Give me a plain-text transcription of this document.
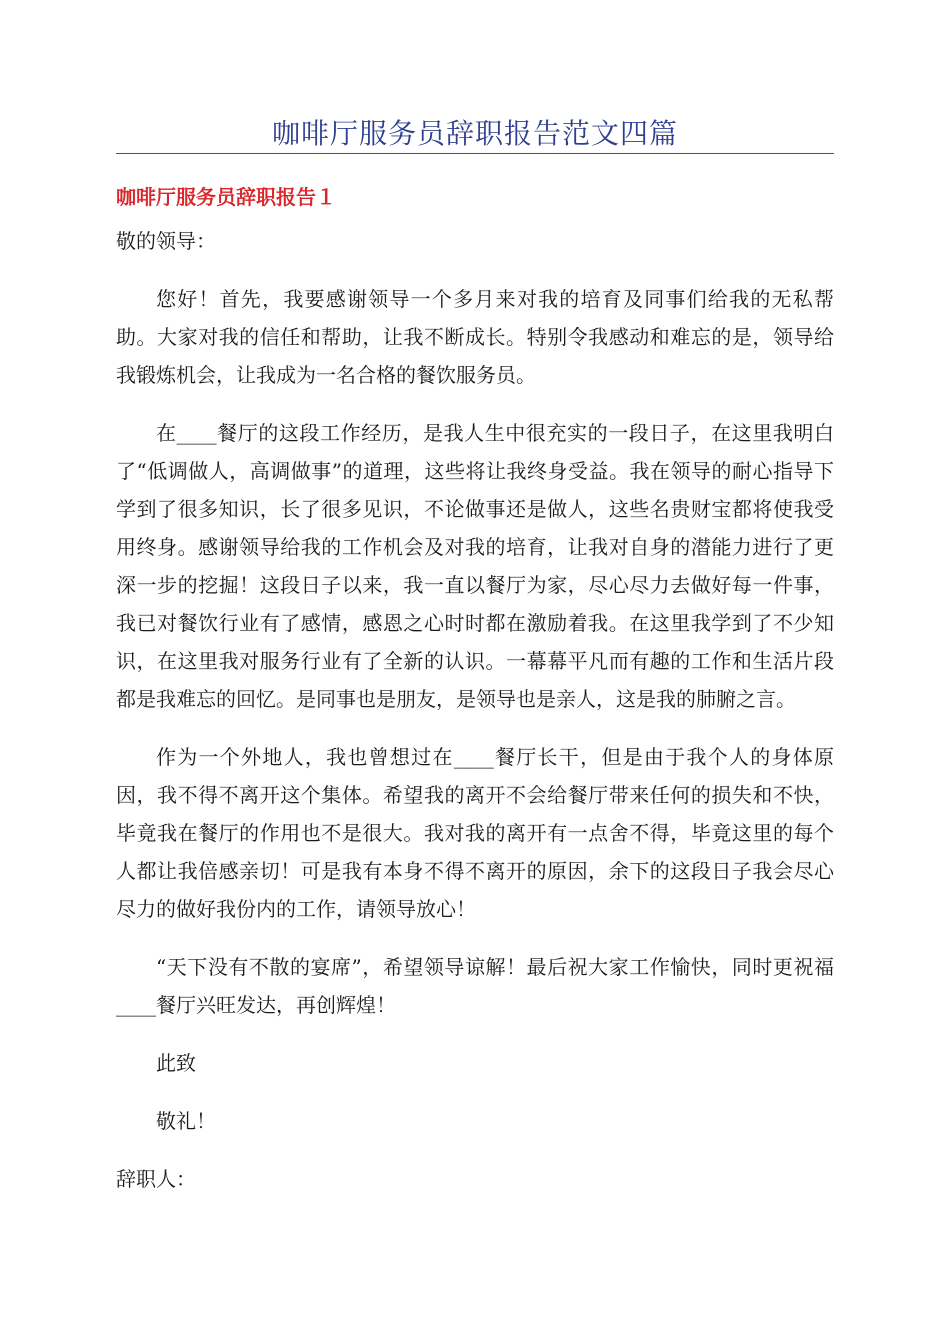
咖啡厅服务员辞职报告范文四篇
咖啡厅服务员辞职报告１

敬的领导：

您好！首先，我要感谢领导一个多月来对我的培育及同事们给我的无私帮助。大家对我的信任和帮助，让我不断成长。特别令我感动和难忘的是，领导给我锻炼机会，让我成为一名合格的餐饮服务员。

在____餐厅的这段工作经历，是我人生中很充实的一段日子，在这里我明白了“低调做人，高调做事”的道理，这些将让我终身受益。我在领导的耐心指导下学到了很多知识，长了很多见识，不论做事还是做人，这些名贵财宝都将使我受用终身。感谢领导给我的工作机会及对我的培育，让我对自身的潜能力进行了更深一步的挖掘！这段日子以来，我一直以餐厅为家，尽心尽力去做好每一件事，我已对餐饮行业有了感情，感恩之心时时都在激励着我。在这里我学到了不少知识，在这里我对服务行业有了全新的认识。一幕幕平凡而有趣的工作和生活片段都是我难忘的回忆。是同事也是朋友，是领导也是亲人，这是我的肺腑之言。

作为一个外地人，我也曾想过在____餐厅长干，但是由于我个人的身体原因，我不得不离开这个集体。希望我的离开不会给餐厅带来任何的损失和不快，毕竟我在餐厅的作用也不是很大。我对我的离开有一点舍不得，毕竟这里的每个人都让我倍感亲切！可是我有本身不得不离开的原因，余下的这段日子我会尽心尽力的做好我份内的工作，请领导放心！

“天下没有不散的宴席”，希望领导谅解！最后祝大家工作愉快，同时更祝福____餐厅兴旺发达，再创辉煌！

此致

敬礼！

辞职人：
